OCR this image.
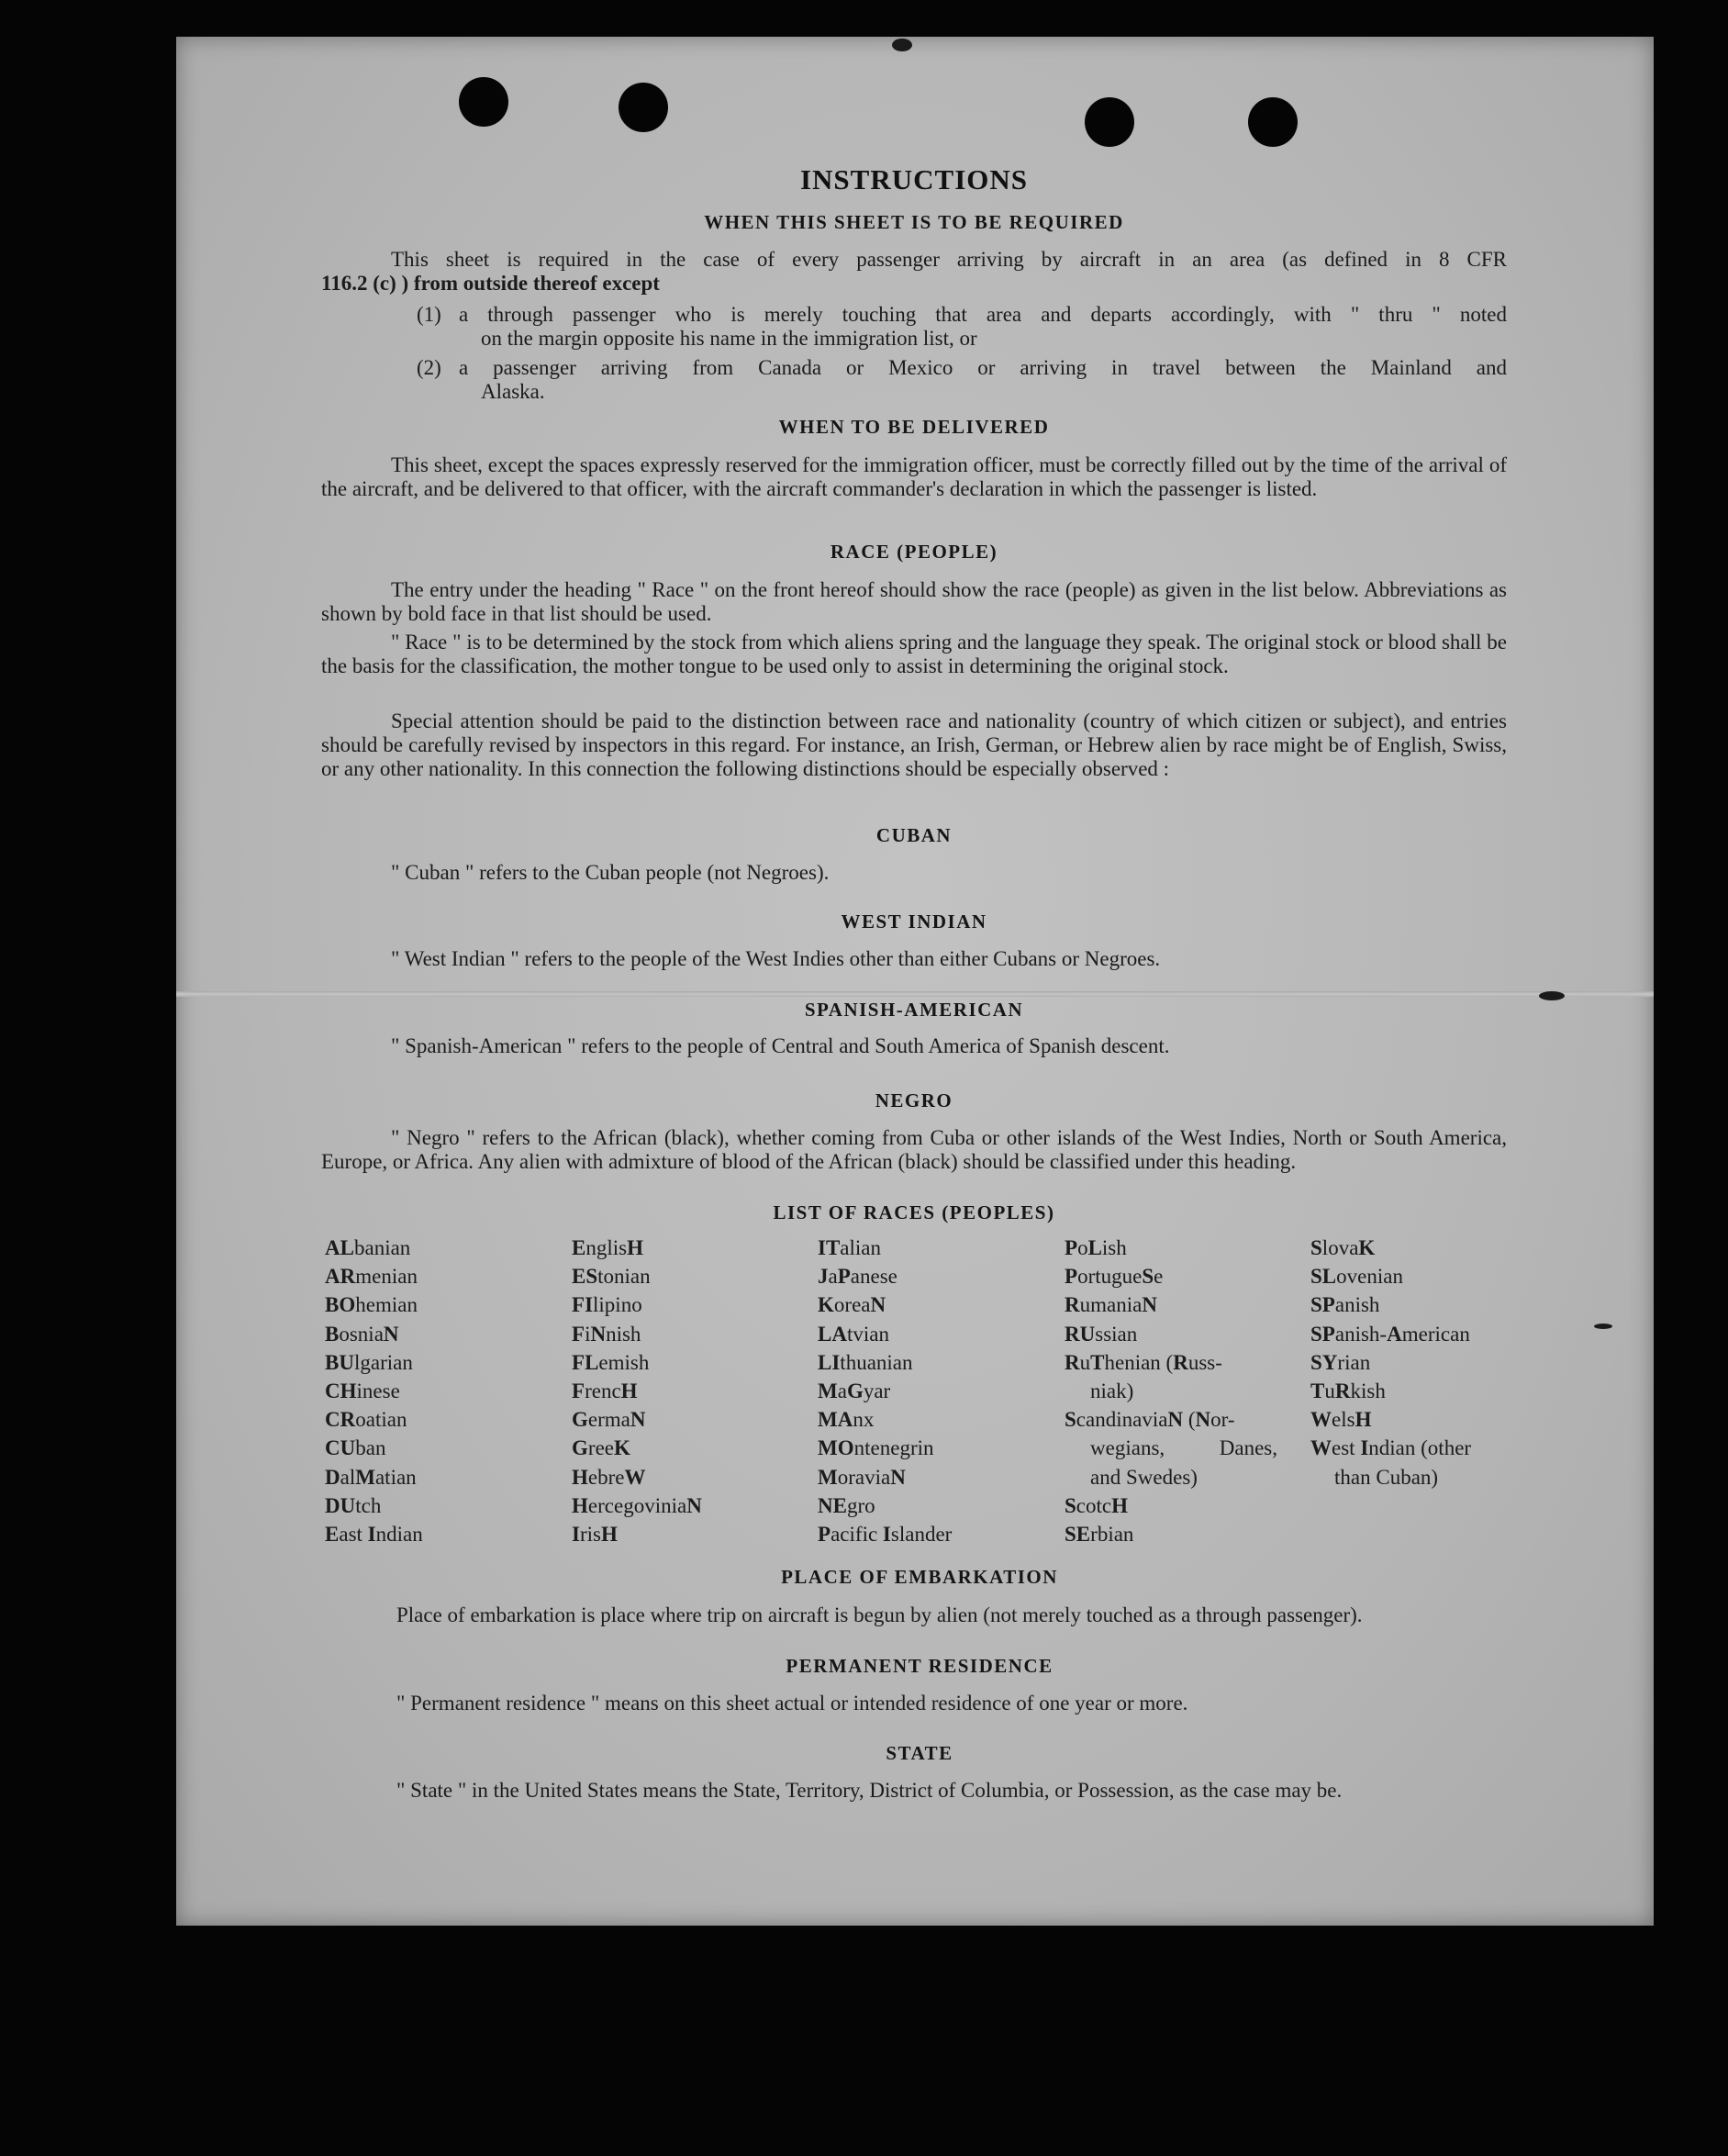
INSTRUCTIONS
WHEN THIS SHEET IS TO BE REQUIRED
This sheet is required in the case of every passenger arriving by aircraft in an area (as defined in 8 CFR
116.2 (c) ) from outside thereof except
(1) a through passenger who is merely touching that area and departs accordingly, with " thru " noted
on the margin opposite his name in the immigration list, or
(2) a passenger arriving from Canada or Mexico or arriving in travel between the Mainland and
Alaska.
WHEN TO BE DELIVERED
This sheet, except the spaces expressly reserved for the immigration officer, must be correctly filled out by the time of the arrival of the aircraft, and be delivered to that officer, with the aircraft commander's declaration in which the passenger is listed.
RACE (PEOPLE)
The entry under the heading " Race " on the front hereof should show the race (people) as given in the list below. Abbreviations as shown by bold face in that list should be used.
" Race " is to be determined by the stock from which aliens spring and the language they speak. The original stock or blood shall be the basis for the classification, the mother tongue to be used only to assist in determining the original stock.
Special attention should be paid to the distinction between race and nationality (country of which citizen or subject), and entries should be carefully revised by inspectors in this regard. For instance, an Irish, German, or Hebrew alien by race might be of English, Swiss, or any other nationality. In this connection the following distinctions should be especially observed :
CUBAN
" Cuban " refers to the Cuban people (not Negroes).
WEST INDIAN
" West Indian " refers to the people of the West Indies other than either Cubans or Negroes.
SPANISH-AMERICAN
" Spanish-American " refers to the people of Central and South America of Spanish descent.
NEGRO
" Negro " refers to the African (black), whether coming from Cuba or other islands of the West Indies, North or South America, Europe, or Africa. Any alien with admixture of blood of the African (black) should be classified under this heading.
LIST OF RACES (PEOPLES)
ALbanian
ARmenian
BOhemian
BosniaN
BUlgarian
CHinese
CRoatian
CUban
DalMatian
DUtch
East Indian
EnglisH
EStonian
FIlipino
FiNnish
FLemish
FrencH
GermaN
GreeK
HebreW
HercegoviniaN
IrisH
ITalian
JaPanese
KoreaN
LAtvian
LIthuanian
MaGyar
MAnx
MOntenegrin
MoraviaN
NEgro
Pacific Islander
PoLish
PortugueSe
RumaniaN
RUssian
RuThenian (Russ-
niak)
ScandinaviaN (Nor-
wegians,	Danes,
and Swedes)
ScotcH
SErbian
SlovaK
SLovenian
SPanish
SPanish-American
SYrian
TuRkish
WelsH
West Indian (other
than Cuban)
PLACE OF EMBARKATION
Place of embarkation is place where trip on aircraft is begun by alien (not merely touched as a through passenger).
PERMANENT RESIDENCE
" Permanent residence " means on this sheet actual or intended residence of one year or more.
STATE
" State " in the United States means the State, Territory, District of Columbia, or Possession, as the case may be.
